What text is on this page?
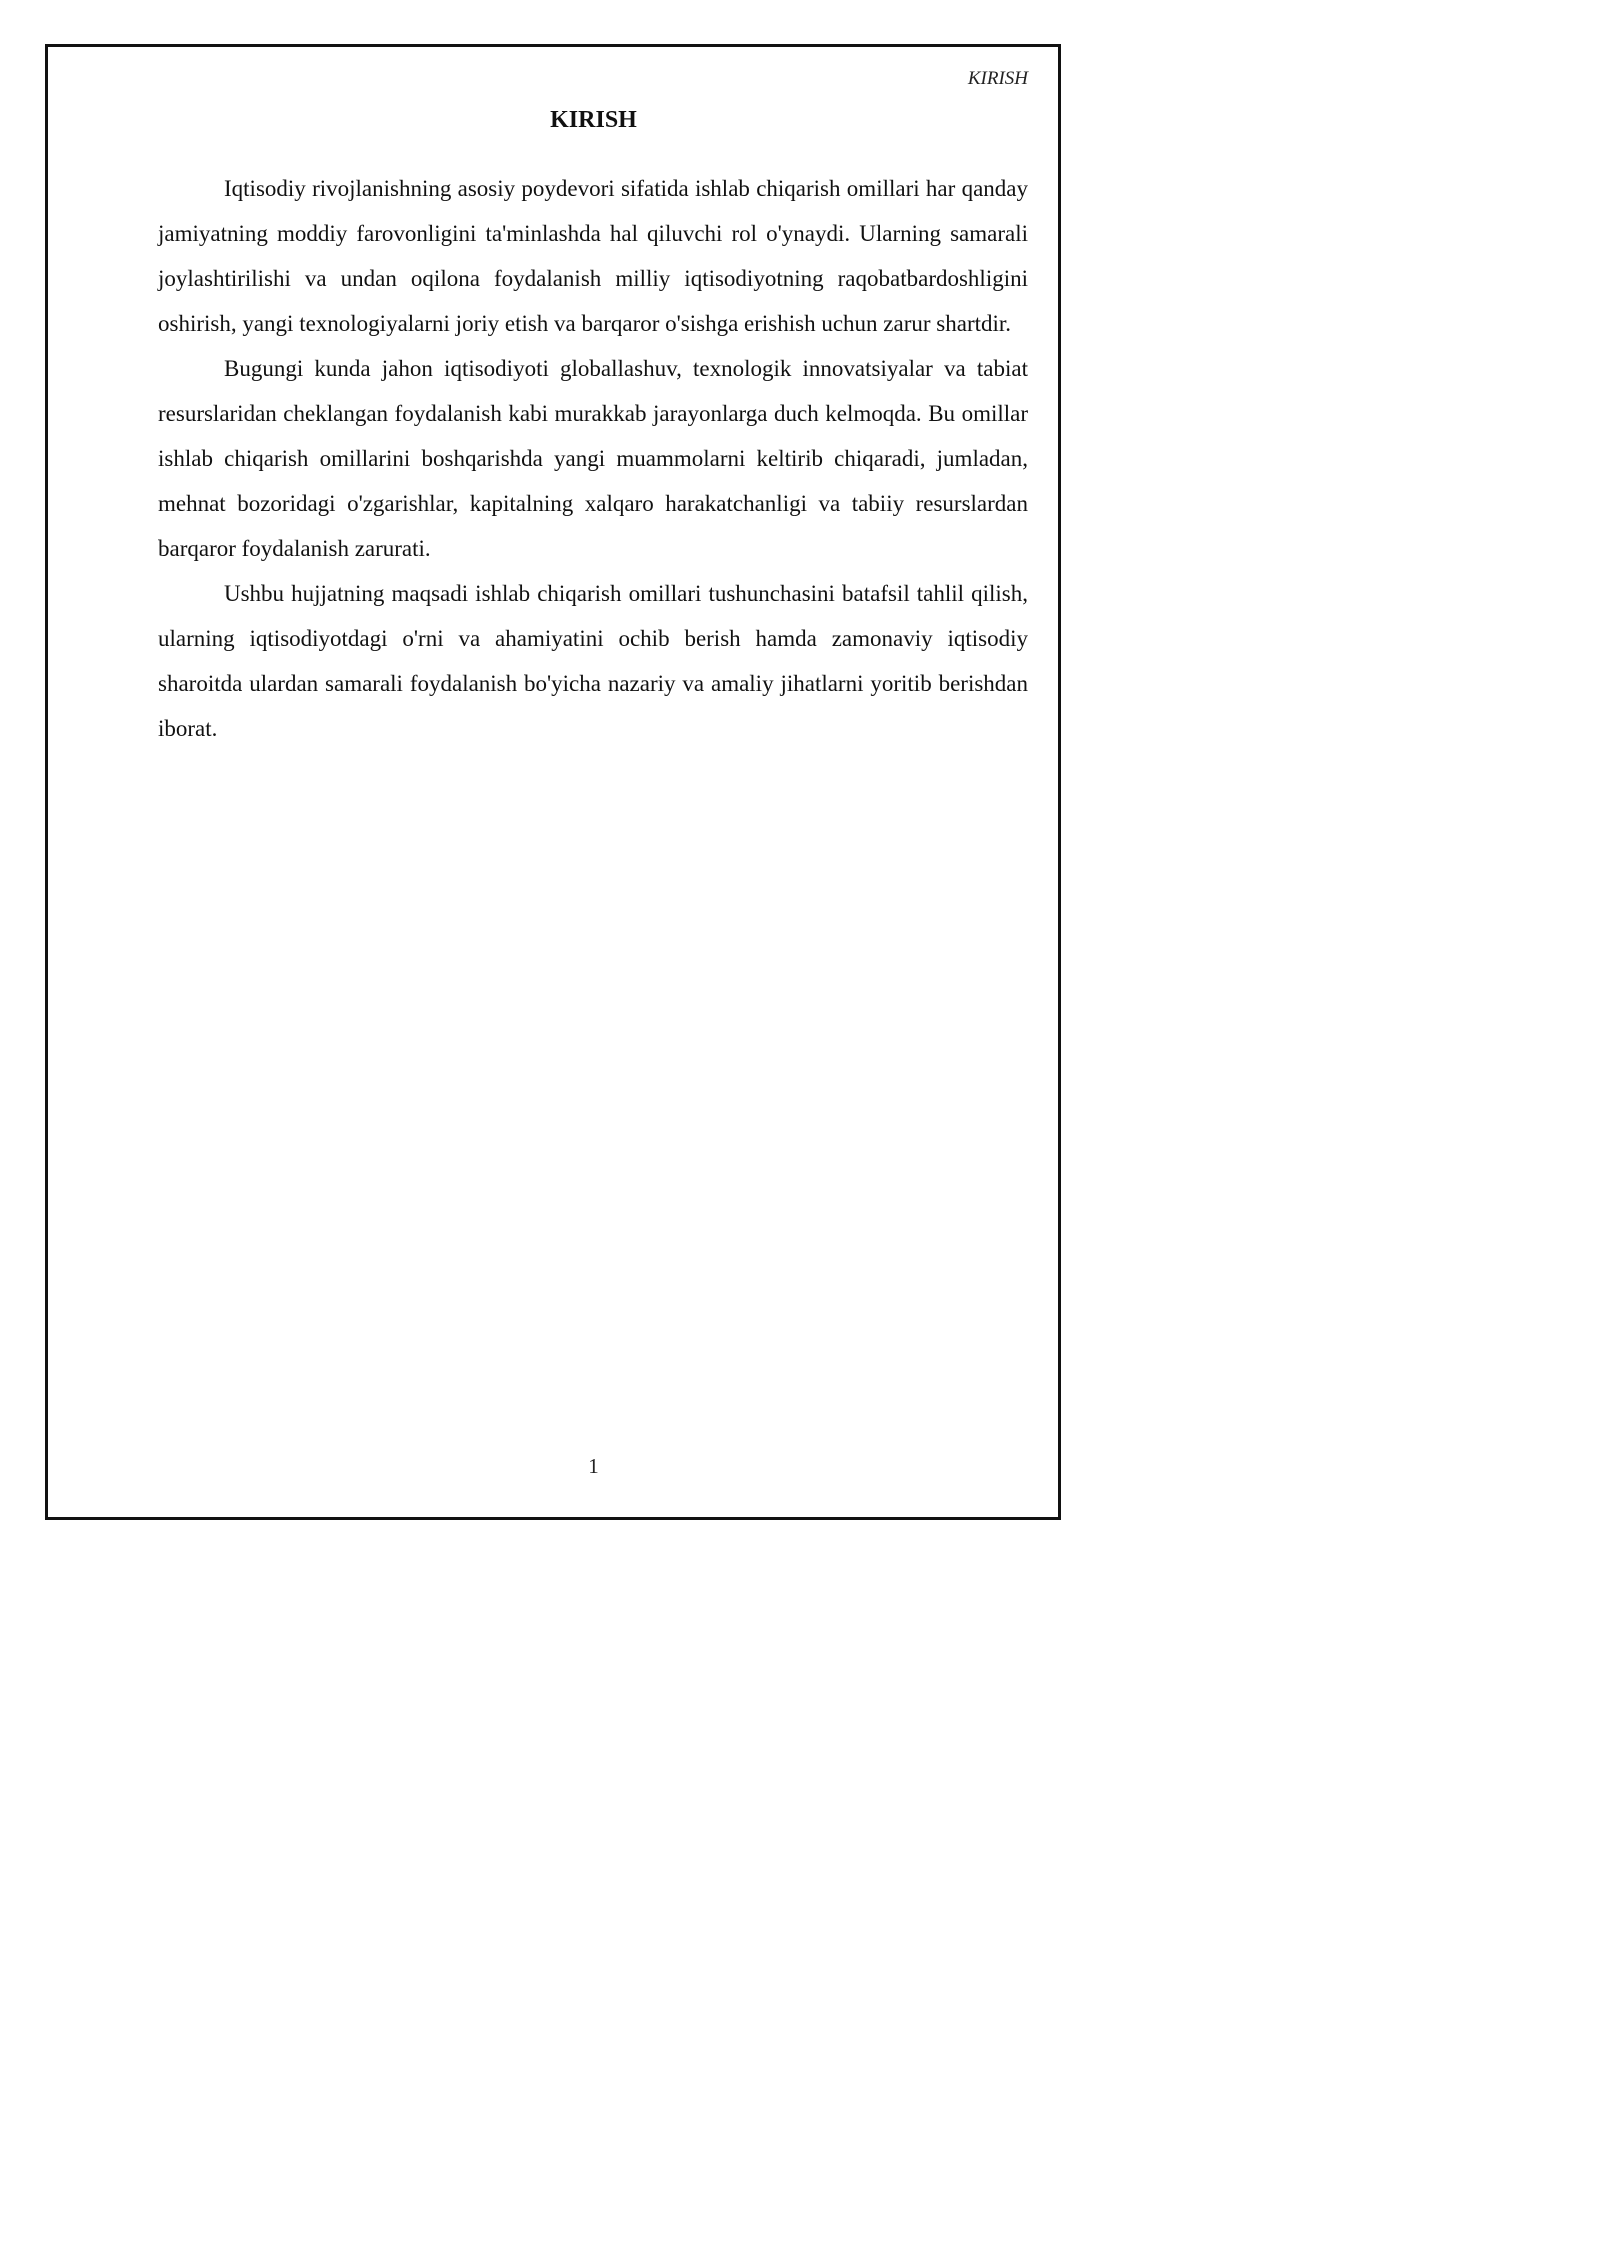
KIRISH
KIRISH

Iqtisodiy rivojlanishning asosiy poydevori sifatida ishlab chiqarish omillari har qanday jamiyatning moddiy farovonligini ta'minlashda hal qiluvchi rol o'ynaydi. Ularning samarali joylashtirilishi va undan oqilona foydalanish milliy iqtisodiyotning raqobatbardoshligini oshirish, yangi texnologiyalarni joriy etish va barqaror o'sishga erishish uchun zarur shartdir.

Bugungi kunda jahon iqtisodiyoti globallashuv, texnologik innovatsiyalar va tabiat resurslaridan cheklangan foydalanish kabi murakkab jarayonlarga duch kelmoqda. Bu omillar ishlab chiqarish omillarini boshqarishda yangi muammolarni keltirib chiqaradi, jumladan, mehnat bozoridagi o'zgarishlar, kapitalning xalqaro harakatchanligi va tabiiy resurslardan barqaror foydalanish zarurati.

Ushbu hujjatning maqsadi ishlab chiqarish omillari tushunchasini batafsil tahlil qilish, ularning iqtisodiyotdagi o'rni va ahamiyatini ochib berish hamda zamonaviy iqtisodiy sharoitda ulardan samarali foydalanish bo'yicha nazariy va amaliy jihatlarni yoritib berishdan iborat.

1
